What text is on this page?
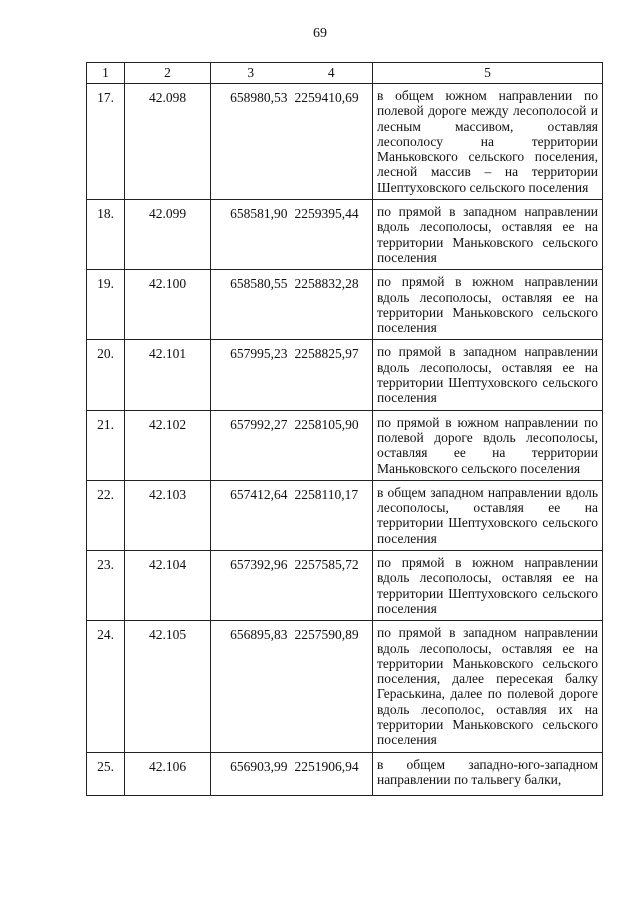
69
1	2	3	4	5
17.	42.098	658980,53	2259410,69	в общем южном направлении по полевой дороге между лесополосой и лесным массивом, оставляя лесополосу на территории Маньковского сельского поселения, лесной массив – на территории Шептуховского сельского поселения
18.	42.099	658581,90	2259395,44	по прямой в западном направлении вдоль лесополосы, оставляя ее на территории Маньковского сельского поселения
19.	42.100	658580,55	2258832,28	по прямой в южном направлении вдоль лесополосы, оставляя ее на территории Маньковского сельского поселения
20.	42.101	657995,23	2258825,97	по прямой в западном направлении вдоль лесополосы, оставляя ее на территории Шептуховского сельского поселения
21.	42.102	657992,27	2258105,90	по прямой в южном направлении по полевой дороге вдоль лесополосы, оставляя ее на территории Маньковского сельского поселения
22.	42.103	657412,64	2258110,17	в общем западном направлении вдоль лесополосы, оставляя ее на территории Шептуховского сельского поселения
23.	42.104	657392,96	2257585,72	по прямой в южном направлении вдоль лесополосы, оставляя ее на территории Шептуховского сельского поселения
24.	42.105	656895,83	2257590,89	по прямой в западном направлении вдоль лесополосы, оставляя ее на территории Маньковского сельского поселения, далее пересекая балку Гераськина, далее по полевой дороге вдоль лесополос, оставляя их на территории Маньковского сельского поселения
25.	42.106	656903,99	2251906,94	в общем западно-юго-западном направлении по тальвегу балки,
